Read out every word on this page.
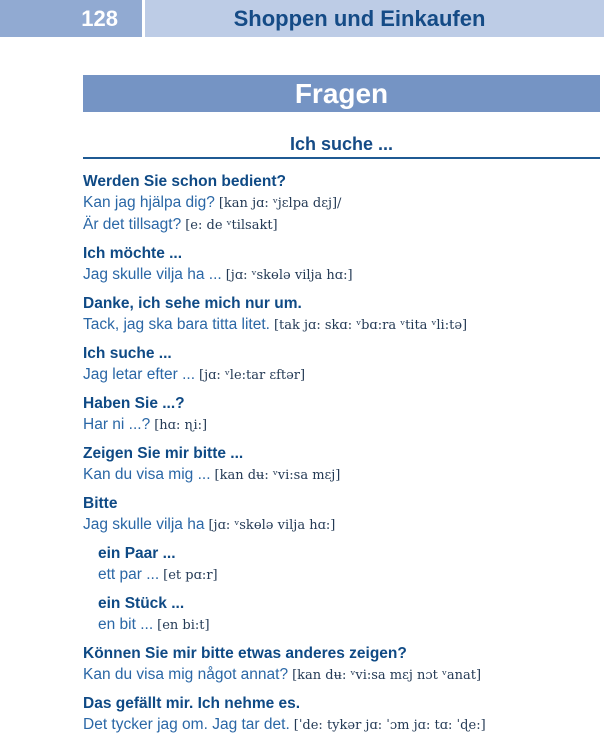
128	Shoppen und Einkaufen
Fragen
Ich suche ...
Werden Sie schon bedient?
Kan jag hjälpa dig? [kan jɑ: ᵛjɛlpa dɛj]/
Är det tillsagt? [e: de ᵛtilsakt]
Ich möchte ...
Jag skulle vilja ha ... [jɑ: ᵛskɵlə vilja hɑ:]
Danke, ich sehe mich nur um.
Tack, jag ska bara titta litet. [tak jɑ: skɑ: ᵛbɑ:ra ᵛtita ᵛli:tə]
Ich suche ...
Jag letar efter ... [jɑ: ᵛle:tar ɛftər]
Haben Sie ...?
Har ni ...? [hɑ: ɳi:]
Zeigen Sie mir bitte ...
Kan du visa mig ... [kan dʉ: ᵛvi:sa mɛj]
Bitte
Jag skulle vilja ha [jɑ: ᵛskɵlə vilja hɑ:]
ein Paar ...
ett par ... [et pɑ:r]
ein Stück ...
en bit ... [en bi:t]
Können Sie mir bitte etwas anderes zeigen?
Kan du visa mig något annat? [kan dʉ: ᵛvi:sa mɛj nɔt ᵛanat]
Das gefällt mir. Ich nehme es.
Det tycker jag om. Jag tar det. [ˈde: tykər jɑ: ˈɔm jɑ: tɑ: ˈɖe:]
